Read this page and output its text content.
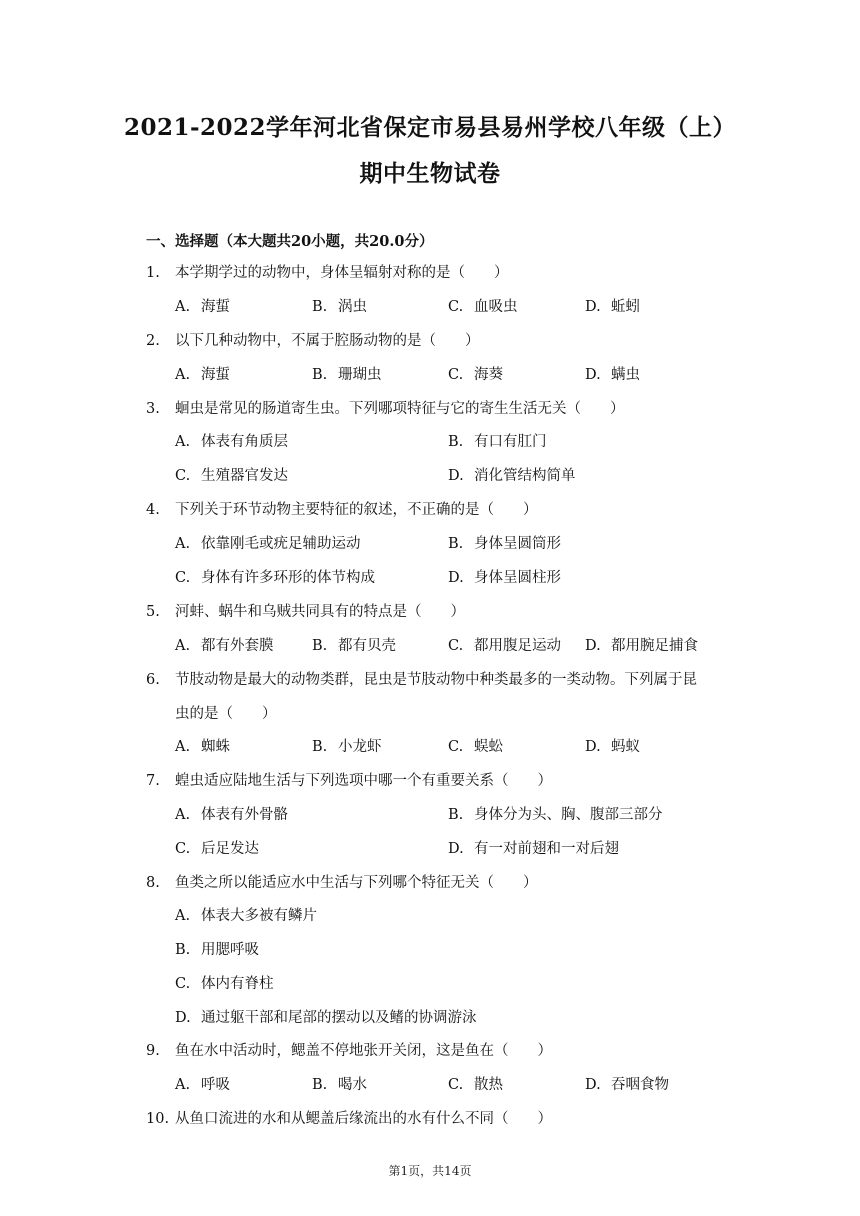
2021-2022学年河北省保定市易县易州学校八年级（上）
期中生物试卷
一、选择题（本大题共20小题，共20.0分）
1. 本学期学过的动物中，身体呈辐射对称的是（　　）
A. 海蜇	B. 涡虫	C. 血吸虫	D. 蚯蚓
2. 以下几种动物中，不属于腔肠动物的是（　　）
A. 海蜇	B. 珊瑚虫	C. 海葵	D. 螨虫
3. 蛔虫是常见的肠道寄生虫。下列哪项特征与它的寄生生活无关（　　）
A. 体表有角质层	B. 有口有肛门
C. 生殖器官发达	D. 消化管结构简单
4. 下列关于环节动物主要特征的叙述，不正确的是（　　）
A. 依靠刚毛或疣足辅助运动	B. 身体呈圆筒形
C. 身体有许多环形的体节构成	D. 身体呈圆柱形
5. 河蚌、蜗牛和乌贼共同具有的特点是（　　）
A. 都有外套膜	B. 都有贝壳	C. 都用腹足运动 D. 都用腕足捕食
6. 节肢动物是最大的动物类群，昆虫是节肢动物中种类最多的一类动物。下列属于昆
虫的是（　　）
A. 蜘蛛	B. 小龙虾	C. 蜈蚣	D. 蚂蚁
7. 蝗虫适应陆地生活与下列选项中哪一个有重要关系（　　）
A. 体表有外骨骼	B. 身体分为头、胸、腹部三部分
C. 后足发达	D. 有一对前翅和一对后翅
8. 鱼类之所以能适应水中生活与下列哪个特征无关（　　）
A. 体表大多被有鳞片
B. 用腮呼吸
C. 体内有脊柱
D. 通过躯干部和尾部的摆动以及鳍的协调游泳
9. 鱼在水中活动时，鳃盖不停地张开关闭，这是鱼在（　　）
A. 呼吸	B. 喝水	C. 散热	D. 吞咽食物
10. 从鱼口流进的水和从鳃盖后缘流出的水有什么不同（　　）
第1页，共14页
